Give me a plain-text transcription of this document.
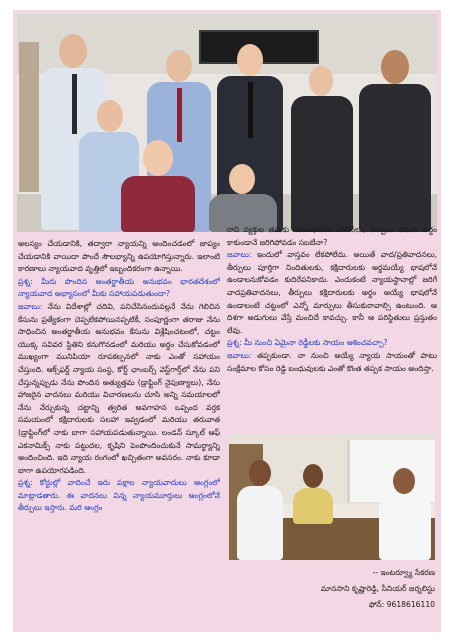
అలస్యం చేయడానికి, తద్వారా న్యాయన్ని అందించడంలో జాప్యం చేయడానికి వాయిదా పొందే సౌలభ్యాన్ని ఉపయోగిస్తున్నారు. ఇలాంటి కారణాలు న్యాయవాద వృత్తిలో ఇబ్బందికరంగా ఉన్నాయి.

ప్రశ్న: మీరు పొందిన అంతర్జాతీయ అనుభవం భారతదేశంలో న్యాయవాద అభ్యాసంలో మీకు సహాయపడుతుందా?

జవాబు: నేను విదేశాల్లో చదివి, పనిచేసినందువల్లనే నేను గెలిచిన కేసును ప్రత్యేకంగా చెప్పలేకపోయినప్పటికీ, సంపూర్ణంగా తరాజు నేను సాధించిన అంతర్జాతీయ అనుభవం కేసును విశ్లేషించటంలో, చట్టం యొక్క సవివర స్థితిని కనుగొనడంలో మరియు అర్థం చేసుకోవడంలో ముఖ్యంగా మునిపియా రూపకల్పనలో నాకు ఎంతో సహాయం చేస్తుంది. ఆక్స్‌ఫర్డ్ న్యాయ సంస్థ, కోర్ట్ ఛాంబర్స్ వెస్ట్‌గార్త్‌లో నేను పని చేస్తున్నప్పుడు నేను పొందిన అత్యుత్తమ (డ్రాఫ్టింగ్ నైపుణ్యాలు), నేను హాజరైన వాదనలు మరియు విచారణలను చూసి అన్ని సమయాలలో నేను నేర్చుకున్న చట్టాన్ని త్వరిత అవగాహన ఒప్పంద వర్తక సమయంలో కక్షిదారులకు సలహా ఇవ్వడంలో మరియు తరువాత (డ్రాఫ్టింగ్‌లో నాకు బాగా సహాయపడుతున్నాయి. లండన్ స్కూల్ ఆఫ్ ఎకనామిక్స్ నాకు పట్టుదల, కృషిని పెంపొందించుకునే సామర్థ్యాన్ని అందించింది. ఇది న్యాయ రంగంలో ఖచ్చితంగా అవసరం. నాకు కూడా బాగా ఉపయోగపడింది.

ప్రశ్న: కోర్టుల్లో వాదించే ఇరు పక్షాల న్యాయవాదులు ఆంగ్లంలో మాట్లాడతారు. ఈ వాదనలు విన్న న్యాయమూర్తులు ఆంగ్లంలోనే తీర్పులు ఇస్తారు. మరి ఆంగ్లం

రాని వ్యక్తుల తమకు సంబంధించిన వాదనలు, తీర్పులు తమకు అర్థం కాకుండానే జరిగిపోవడం సబబేనా?

జవాబు: ఇందులో వాస్తవం లేకపోలేదు. అయితే వాద/ప్రతివాదనలు, తీర్పులు పూర్తిగా నిందితులకు, కక్షిదారులకు అర్థమయ్యే భాషలోనే ఉండాలనుకోవడం కుదిరేపనికాదు. ఎందుకంటే న్యాయస్థానాల్లో జరిగే వాదప్రతివాదనలు, తీర్పులు కక్షిదారులకు అర్థం అయ్యే భాషలోనే ఉండాలంటే చట్టంలో ఎన్నో మార్పులు తీసుకురావాల్సి ఉంటుంది. ఆ దిశగా అడుగులు వేస్తే మంచిదే కావచ్చు. కానీ ఆ పరిస్థితులు ప్రస్తుతం లేవు.

ప్రశ్న: మీ నుంచి ఏమైనా రెడ్డీలకు సాయం ఆశించవచ్చా?

జవాబు: తప్పకుండా. నా నుంచి అయ్యే న్యాయ సాయంతో పాటు సంక్షేమాల కోసం రెడ్డి బంధువులకు ఎంతో కొంత తప్పక సాయం అందిస్తా.

-- ఇంటర్వ్యూ సేకరణ
మానసాని కృష్ణారెడ్డి, సీనియర్ జర్నలిస్టు
ఫోన్: 9618616110
